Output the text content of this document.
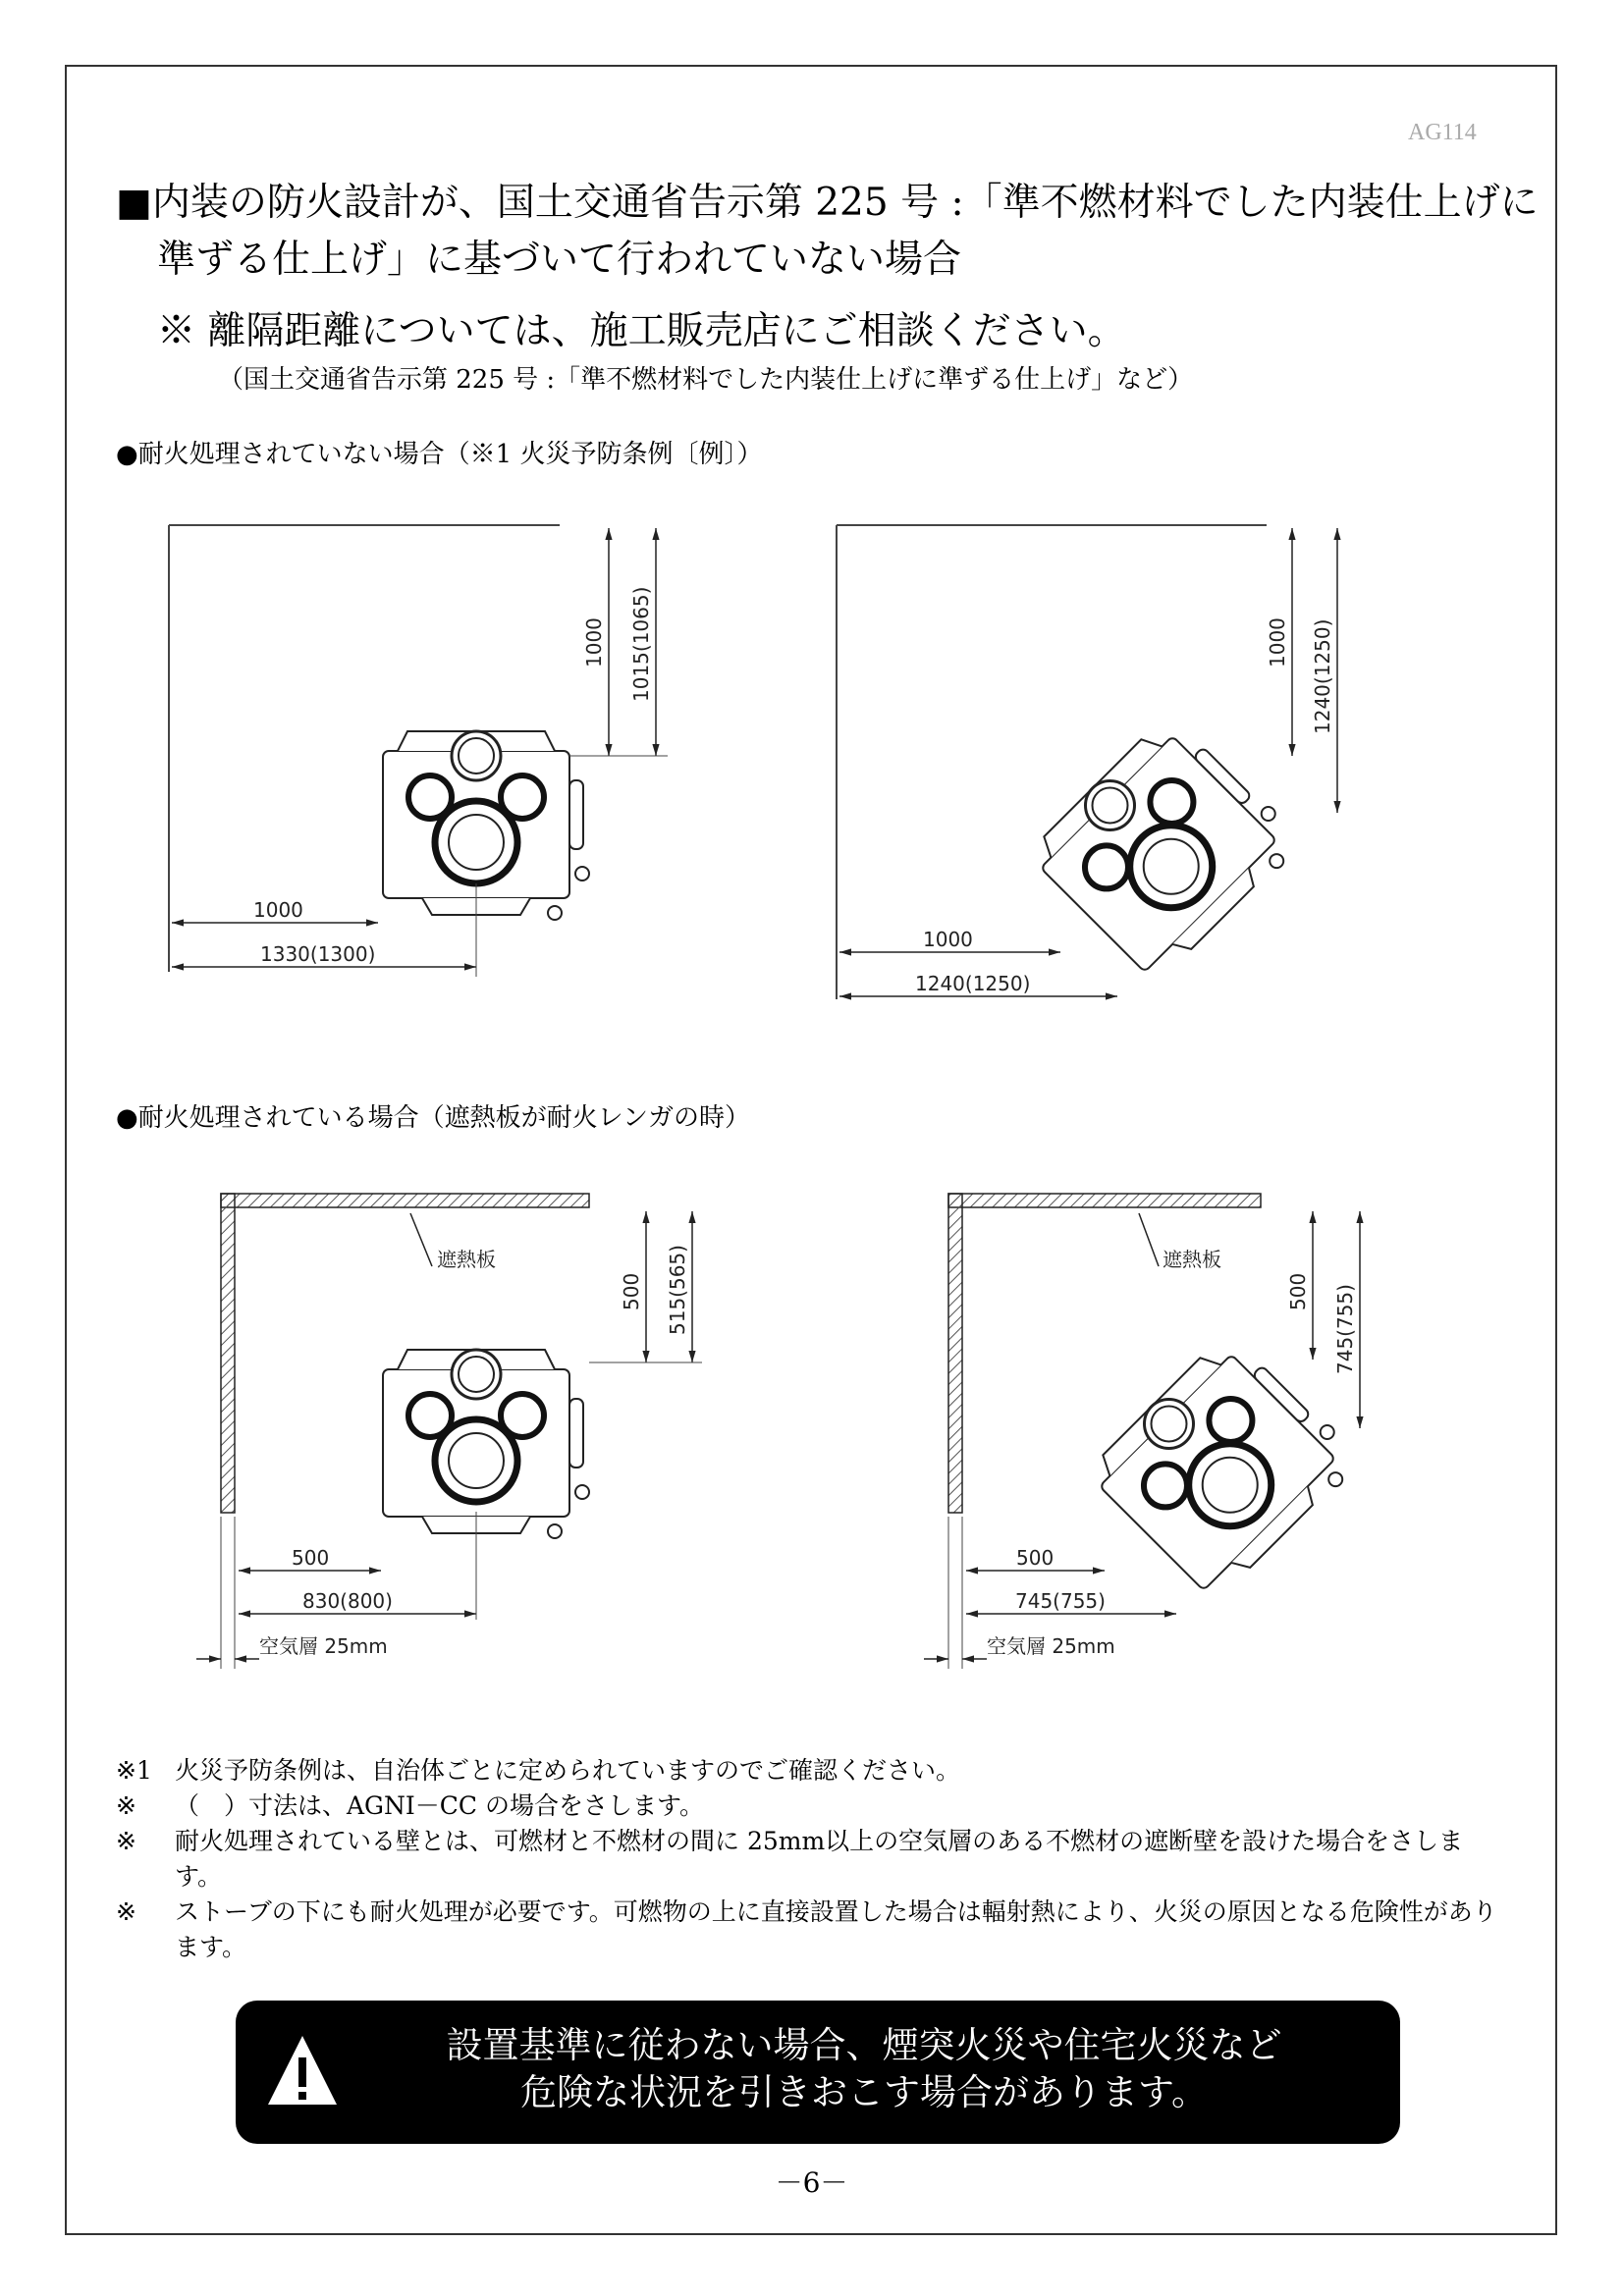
AG114
■内装の防火設計が、国土交通省告示第 225 号 :「準不燃材料でした内装仕上げに
準ずる仕上げ」に基づいて行われていない場合
※ 離隔距離については、施工販売店にご相談ください。
（国土交通省告示第 225 号 :「準不燃材料でした内装仕上げに準ずる仕上げ」など）
●耐火処理されていない場合（※1 火災予防条例〔例〕）
●耐火処理されている場合（遮熱板が耐火レンガの時）
1000 1015(1065)
1000
1330(1300)
1000 1240(1250)
1000
1240(1250)
遮熱板
500 515(565)
500
830(800)
空気層 25mm
遮熱板
500 745(755)
500
745(755)
空気層 25mm
※1 火災予防条例は、自治体ごとに定められていますのでご確認ください。
※	（　）寸法は、AGNI－CC の場合をさします。
※	耐火処理されている壁とは、可燃材と不燃材の間に 25mm以上の空気層のある不燃材の遮断壁を設けた場合をさします。
※	ストーブの下にも耐火処理が必要です。可燃物の上に直接設置した場合は輻射熱により、火災の原因となる危険性があります。
設置基準に従わない場合、煙突火災や住宅火災など
危険な状況を引きおこす場合があります。
－6－
